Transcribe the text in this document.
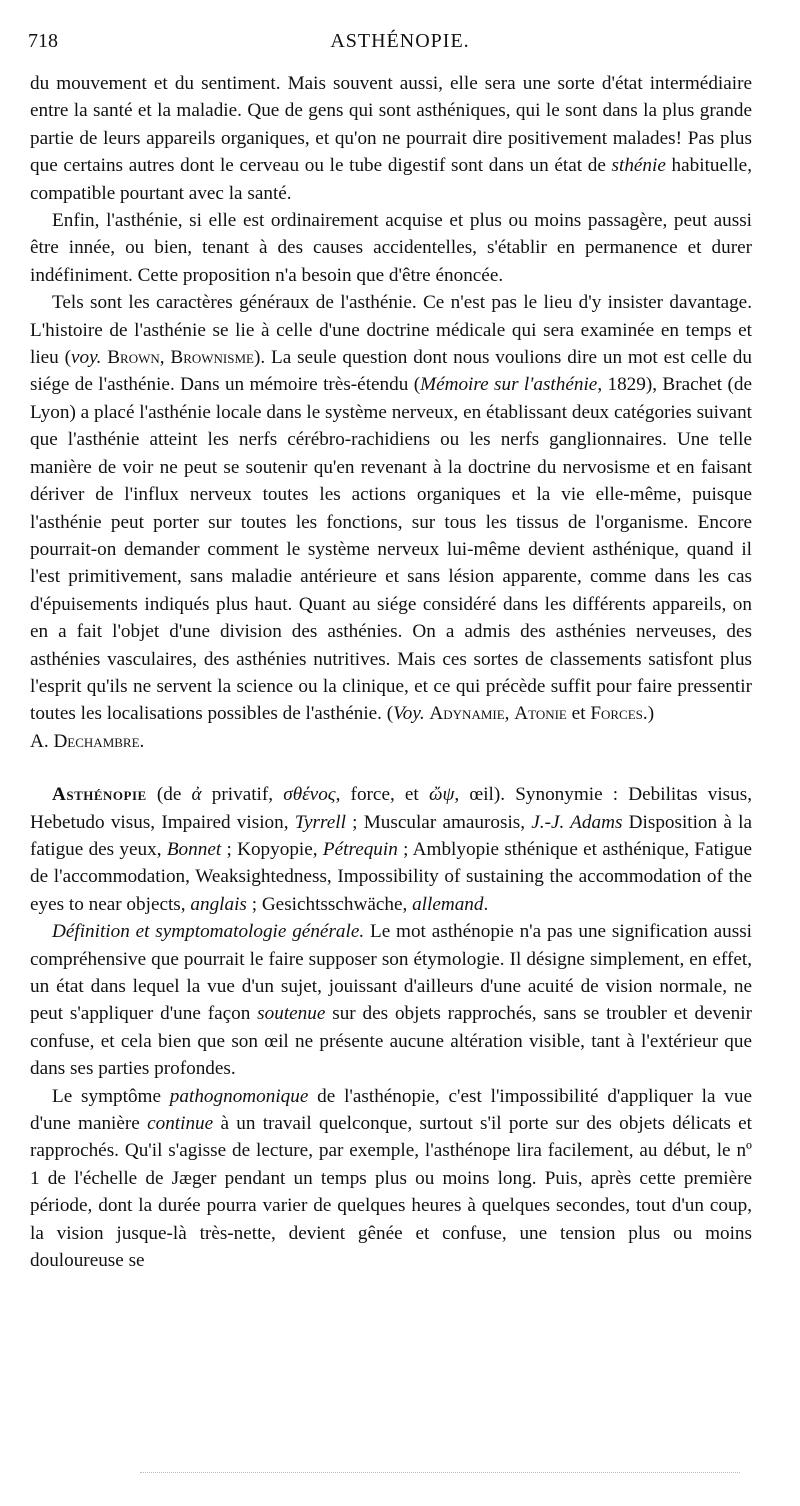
718	ASTHÉNOPIE.

du mouvement et du sentiment. Mais souvent aussi, elle sera une sorte d'état intermédiaire entre la santé et la maladie. Que de gens qui sont asthéniques, qui le sont dans la plus grande partie de leurs appareils organiques, et qu'on ne pourrait dire positivement malades! Pas plus que certains autres dont le cerveau ou le tube digestif sont dans un état de sthénie habituelle, compatible pourtant avec la santé.

Enfin, l'asthénie, si elle est ordinairement acquise et plus ou moins passagère, peut aussi être innée, ou bien, tenant à des causes accidentelles, s'établir en permanence et durer indéfiniment. Cette proposition n'a besoin que d'être énoncée.

Tels sont les caractères généraux de l'asthénie. Ce n'est pas le lieu d'y insister davantage. L'histoire de l'asthénie se lie à celle d'une doctrine médicale qui sera examinée en temps et lieu (voy. Brown, Brownisme). La seule question dont nous voulions dire un mot est celle du siége de l'asthénie. Dans un mémoire très-étendu (Mémoire sur l'asthénie, 1829), Brachet (de Lyon) a placé l'asthénie locale dans le système nerveux, en établissant deux catégories suivant que l'asthénie atteint les nerfs cérébro-rachidiens ou les nerfs ganglionnaires. Une telle manière de voir ne peut se soutenir qu'en revenant à la doctrine du nervosisme et en faisant dériver de l'influx nerveux toutes les actions organiques et la vie elle-même, puisque l'asthénie peut porter sur toutes les fonctions, sur tous les tissus de l'organisme. Encore pourrait-on demander comment le système nerveux lui-même devient asthénique, quand il l'est primitivement, sans maladie antérieure et sans lésion apparente, comme dans les cas d'épuisements indiqués plus haut. Quant au siége considéré dans les différents appareils, on en a fait l'objet d'une division des asthénies. On a admis des asthénies nerveuses, des asthénies vasculaires, des asthénies nutritives. Mais ces sortes de classements satisfont plus l'esprit qu'ils ne servent la science ou la clinique, et ce qui précède suffit pour faire pressentir toutes les localisations possibles de l'asthénie. (Voy. Adynamie, Atonie et Forces.)

A. Dechambre.

Asthénopie (de ἀ privatif, σθένος, force, et ὤψ, œil). Synonymie : Debilitas visus, Hebetudo visus, Impaired vision, Tyrrell ; Muscular amaurosis, J.-J. Adams Disposition à la fatigue des yeux, Bonnet ; Kopyopie, Pétrequin ; Amblyopie sthénique et asthénique, Fatigue de l'accommodation, Weaksightedness, Impossibility of sustaining the accommodation of the eyes to near objects, anglais ; Gesichtsschwäche, allemand.

Définition et symptomatologie générale. Le mot asthénopie n'a pas une signification aussi compréhensive que pourrait le faire supposer son étymologie. Il désigne simplement, en effet, un état dans lequel la vue d'un sujet, jouissant d'ailleurs d'une acuité de vision normale, ne peut s'appliquer d'une façon soutenue sur des objets rapprochés, sans se troubler et devenir confuse, et cela bien que son œil ne présente aucune altération visible, tant à l'extérieur que dans ses parties profondes.

Le symptôme pathognomonique de l'asthénopie, c'est l'impossibilité d'appliquer la vue d'une manière continue à un travail quelconque, surtout s'il porte sur des objets délicats et rapprochés. Qu'il s'agisse de lecture, par exemple, l'asthénope lira facilement, au début, le nº 1 de l'échelle de Jæger pendant un temps plus ou moins long. Puis, après cette première période, dont la durée pourra varier de quelques heures à quelques secondes, tout d'un coup, la vision jusque-là très-nette, devient gênée et confuse, une tension plus ou moins douloureuse se
